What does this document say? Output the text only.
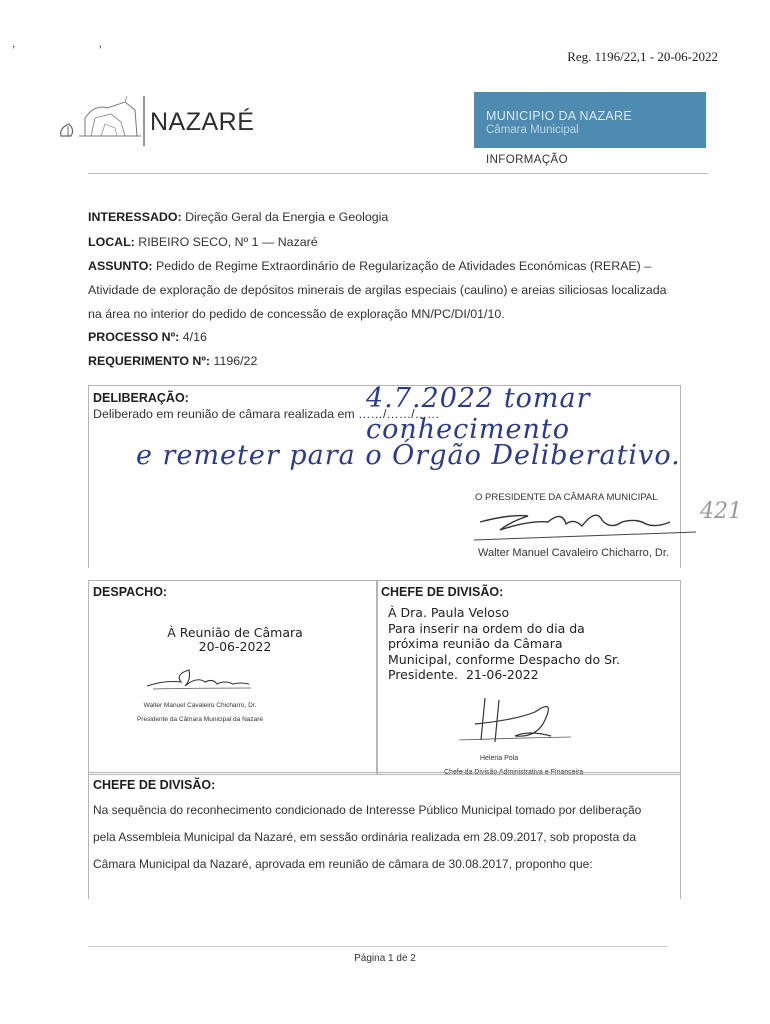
, ,
Reg. 1196/22,1 - 20-06-2022
NAZARÉ	MUNICIPIO DA NAZARE
Câmara Municipal
INFORMAÇÃO
INTERESSADO: Direção Geral da Energia e Geologia
LOCAL: RIBEIRO SECO, Nº 1 — Nazaré
ASSUNTO: Pedido de Regime Extraordinário de Regularização de Atividades Económicas (RERAE) –
Atividade de exploração de depósitos minerais de argilas especiais (caulino) e areias siliciosas localizada
na área no interior do pedido de concessão de exploração MN/PC/DI/01/10.
PROCESSO Nº: 4/16
REQUERIMENTO Nº: 1196/22
DELIBERAÇÃO:
Deliberado em reunião de câmara realizada em ……/……/……
4.7.2022 tomar conhecimento
e remeter para o Órgão Deliberativo.
O PRESIDENTE DA CÂMARA MUNICIPAL
Walter Manuel Cavaleiro Chicharro, Dr.
421
DESPACHO:
À Reunião de Câmara
20-06-2022
Walter Manuel Cavaleiro Chicharro, Dr.
Presidente da Câmara Municipal da Nazaré
CHEFE DE DIVISÃO:
À Dra. Paula Veloso
Para inserir na ordem do dia da
próxima reunião da Câmara
Municipal, conforme Despacho do Sr.
Presidente. 21-06-2022
Helena Pola
Chefe da Divisão Administrativa e Financeira
CHEFE DE DIVISÃO:
Na sequência do reconhecimento condicionado de Interesse Público Municipal tomado por deliberação
pela Assembleia Municipal da Nazaré, em sessão ordinária realizada em 28.09.2017, sob proposta da
Câmara Municipal da Nazaré, aprovada em reunião de câmara de 30.08.2017, proponho que:
Página 1 de 2
